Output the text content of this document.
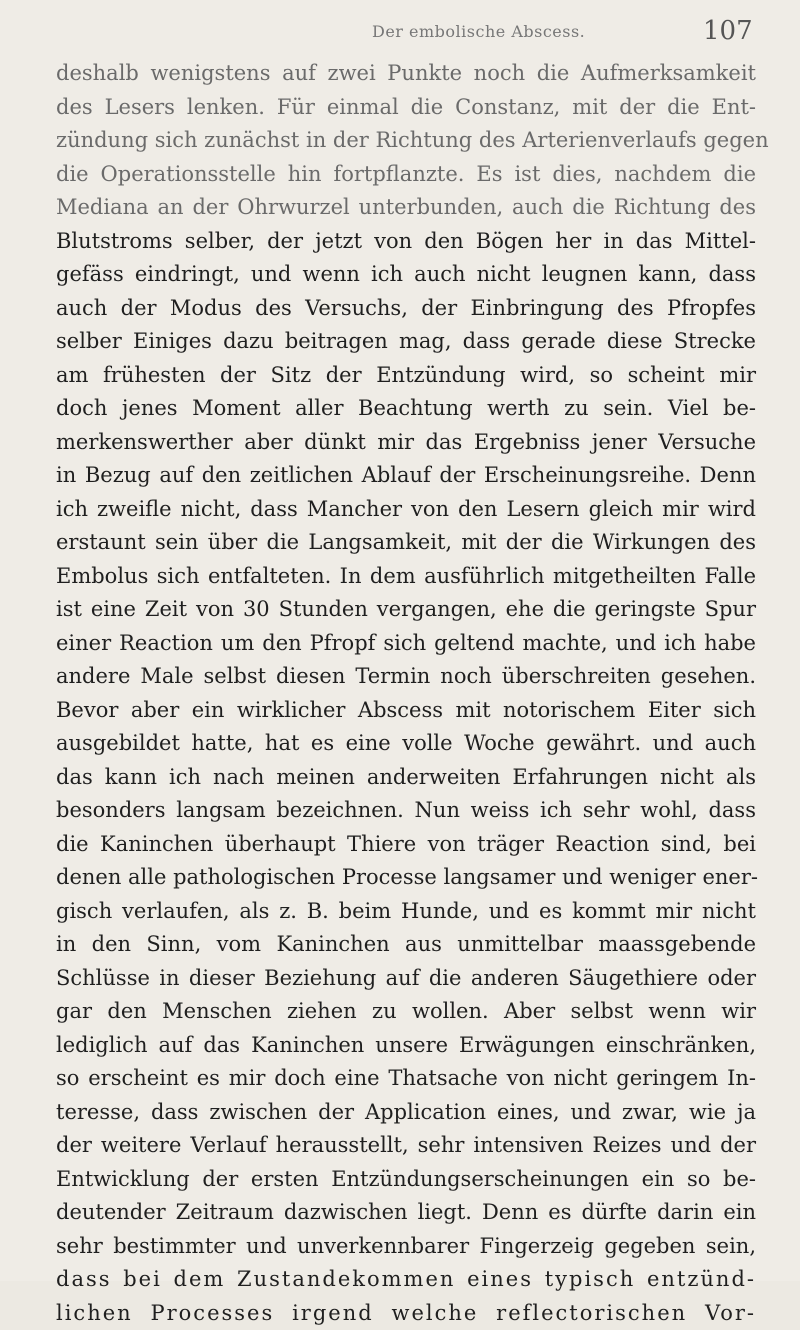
Der embolische Abscess.	107
deshalb wenigstens auf zwei Punkte noch die Aufmerksamkeit
des Lesers lenken. Für einmal die Constanz, mit der die Ent-
zündung sich zunächst in der Richtung des Arterienverlaufs gegen
die Operationsstelle hin fortpflanzte. Es ist dies, nachdem die
Mediana an der Ohrwurzel unterbunden, auch die Richtung des
Blutstroms selber, der jetzt von den Bögen her in das Mittel-
gefäss eindringt, und wenn ich auch nicht leugnen kann, dass
auch der Modus des Versuchs, der Einbringung des Pfropfes
selber Einiges dazu beitragen mag, dass gerade diese Strecke
am frühesten der Sitz der Entzündung wird, so scheint mir
doch jenes Moment aller Beachtung werth zu sein. Viel be-
merkenswerther aber dünkt mir das Ergebniss jener Versuche
in Bezug auf den zeitlichen Ablauf der Erscheinungsreihe. Denn
ich zweifle nicht, dass Mancher von den Lesern gleich mir wird
erstaunt sein über die Langsamkeit, mit der die Wirkungen des
Embolus sich entfalteten. In dem ausführlich mitgetheilten Falle
ist eine Zeit von 30 Stunden vergangen, ehe die geringste Spur
einer Reaction um den Pfropf sich geltend machte, und ich habe
andere Male selbst diesen Termin noch überschreiten gesehen.
Bevor aber ein wirklicher Abscess mit notorischem Eiter sich
ausgebildet hatte, hat es eine volle Woche gewährt. und auch
das kann ich nach meinen anderweiten Erfahrungen nicht als
besonders langsam bezeichnen. Nun weiss ich sehr wohl, dass
die Kaninchen überhaupt Thiere von träger Reaction sind, bei
denen alle pathologischen Processe langsamer und weniger ener-
gisch verlaufen, als z. B. beim Hunde, und es kommt mir nicht
in den Sinn, vom Kaninchen aus unmittelbar maassgebende
Schlüsse in dieser Beziehung auf die anderen Säugethiere oder
gar den Menschen ziehen zu wollen. Aber selbst wenn wir
lediglich auf das Kaninchen unsere Erwägungen einschränken,
so erscheint es mir doch eine Thatsache von nicht geringem In-
teresse, dass zwischen der Application eines, und zwar, wie ja
der weitere Verlauf herausstellt, sehr intensiven Reizes und der
Entwicklung der ersten Entzündungserscheinungen ein so be-
deutender Zeitraum dazwischen liegt. Denn es dürfte darin ein
sehr bestimmter und unverkennbarer Fingerzeig gegeben sein,
dass bei dem Zustandekommen eines typisch entzünd-
lichen Processes irgend welche reflectorischen Vor-
